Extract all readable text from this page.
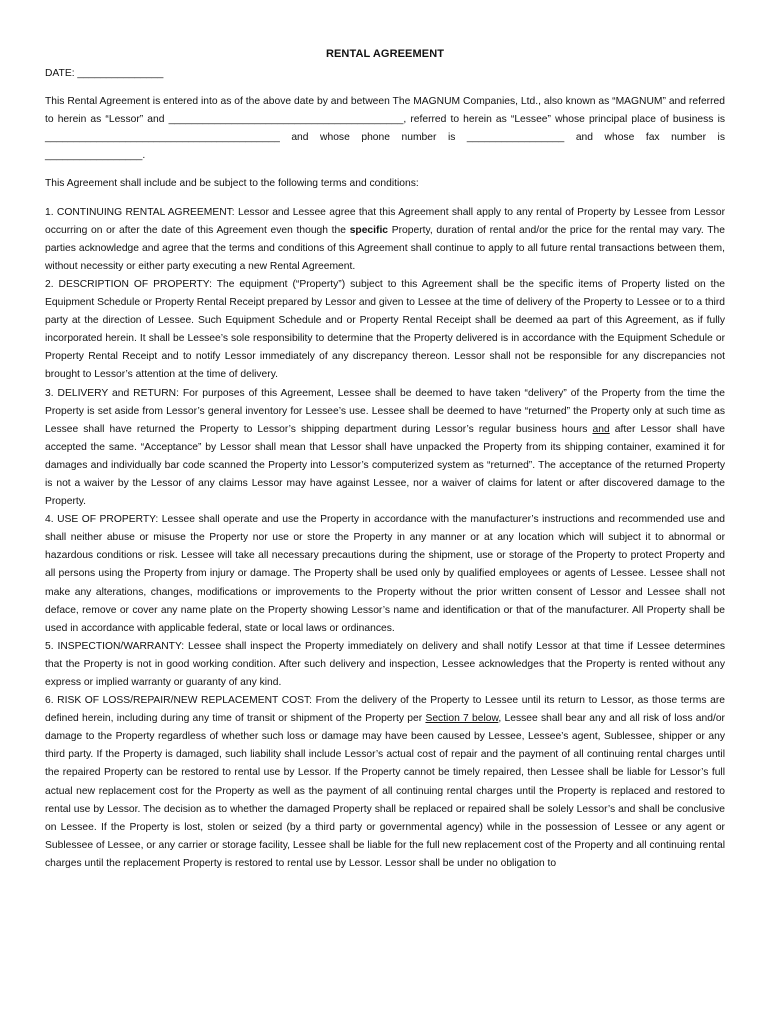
RENTAL AGREEMENT

DATE: _______________

This Rental Agreement is entered into as of the above date by and between The MAGNUM Companies, Ltd., also known as “MAGNUM” and referred to herein as “Lessor” and _________________________________________, referred to herein as “Lessee” whose principal place of business is _________________________________________ and whose phone number is _________________ and whose fax number is _________________.

This Agreement shall include and be subject to the following terms and conditions:

1. CONTINUING RENTAL AGREEMENT: Lessor and Lessee agree that this Agreement shall apply to any rental of Property by Lessee from Lessor occurring on or after the date of this Agreement even though the specific Property, duration of rental and/or the price for the rental may vary. The parties acknowledge and agree that the terms and conditions of this Agreement shall continue to apply to all future rental transactions between them, without necessity or either party executing a new Rental Agreement.

2. DESCRIPTION OF PROPERTY: The equipment (“Property”) subject to this Agreement shall be the specific items of Property listed on the Equipment Schedule or Property Rental Receipt prepared by Lessor and given to Lessee at the time of delivery of the Property to Lessee or to a third party at the direction of Lessee. Such Equipment Schedule and or Property Rental Receipt shall be deemed aa part of this Agreement, as if fully incorporated herein. It shall be Lessee’s sole responsibility to determine that the Property delivered is in accordance with the Equipment Schedule or Property Rental Receipt and to notify Lessor immediately of any discrepancy thereon. Lessor shall not be responsible for any discrepancies not brought to Lessor’s attention at the time of delivery.

3. DELIVERY and RETURN: For purposes of this Agreement, Lessee shall be deemed to have taken “delivery” of the Property from the time the Property is set aside from Lessor’s general inventory for Lessee’s use. Lessee shall be deemed to have “returned” the Property only at such time as Lessee shall have returned the Property to Lessor’s shipping department during Lessor’s regular business hours and after Lessor shall have accepted the same. “Acceptance” by Lessor shall mean that Lessor shall have unpacked the Property from its shipping container, examined it for damages and individually bar code scanned the Property into Lessor’s computerized system as “returned”. The acceptance of the returned Property is not a waiver by the Lessor of any claims Lessor may have against Lessee, nor a waiver of claims for latent or after discovered damage to the Property.

4. USE OF PROPERTY: Lessee shall operate and use the Property in accordance with the manufacturer’s instructions and recommended use and shall neither abuse or misuse the Property nor use or store the Property in any manner or at any location which will subject it to abnormal or hazardous conditions or risk. Lessee will take all necessary precautions during the shipment, use or storage of the Property to protect Property and all persons using the Property from injury or damage. The Property shall be used only by qualified employees or agents of Lessee. Lessee shall not make any alterations, changes, modifications or improvements to the Property without the prior written consent of Lessor and Lessee shall not deface, remove or cover any name plate on the Property showing Lessor’s name and identification or that of the manufacturer. All Property shall be used in accordance with applicable federal, state or local laws or ordinances.

5. INSPECTION/WARRANTY: Lessee shall inspect the Property immediately on delivery and shall notify Lessor at that time if Lessee determines that the Property is not in good working condition. After such delivery and inspection, Lessee acknowledges that the Property is rented without any express or implied warranty or guaranty of any kind.

6. RISK OF LOSS/REPAIR/NEW REPLACEMENT COST: From the delivery of the Property to Lessee until its return to Lessor, as those terms are defined herein, including during any time of transit or shipment of the Property per Section 7 below, Lessee shall bear any and all risk of loss and/or damage to the Property regardless of whether such loss or damage may have been caused by Lessee, Lessee’s agent, Sublessee, shipper or any third party. If the Property is damaged, such liability shall include Lessor’s actual cost of repair and the payment of all continuing rental charges until the repaired Property can be restored to rental use by Lessor. If the Property cannot be timely repaired, then Lessee shall be liable for Lessor’s full actual new replacement cost for the Property as well as the payment of all continuing rental charges until the Property is replaced and restored to rental use by Lessor. The decision as to whether the damaged Property shall be replaced or repaired shall be solely Lessor’s and shall be conclusive on Lessee. If the Property is lost, stolen or seized (by a third party or governmental agency) while in the possession of Lessee or any agent or Sublessee of Lessee, or any carrier or storage facility, Lessee shall be liable for the full new replacement cost of the Property and all continuing rental charges until the replacement Property is restored to rental use by Lessor. Lessor shall be under no obligation to
